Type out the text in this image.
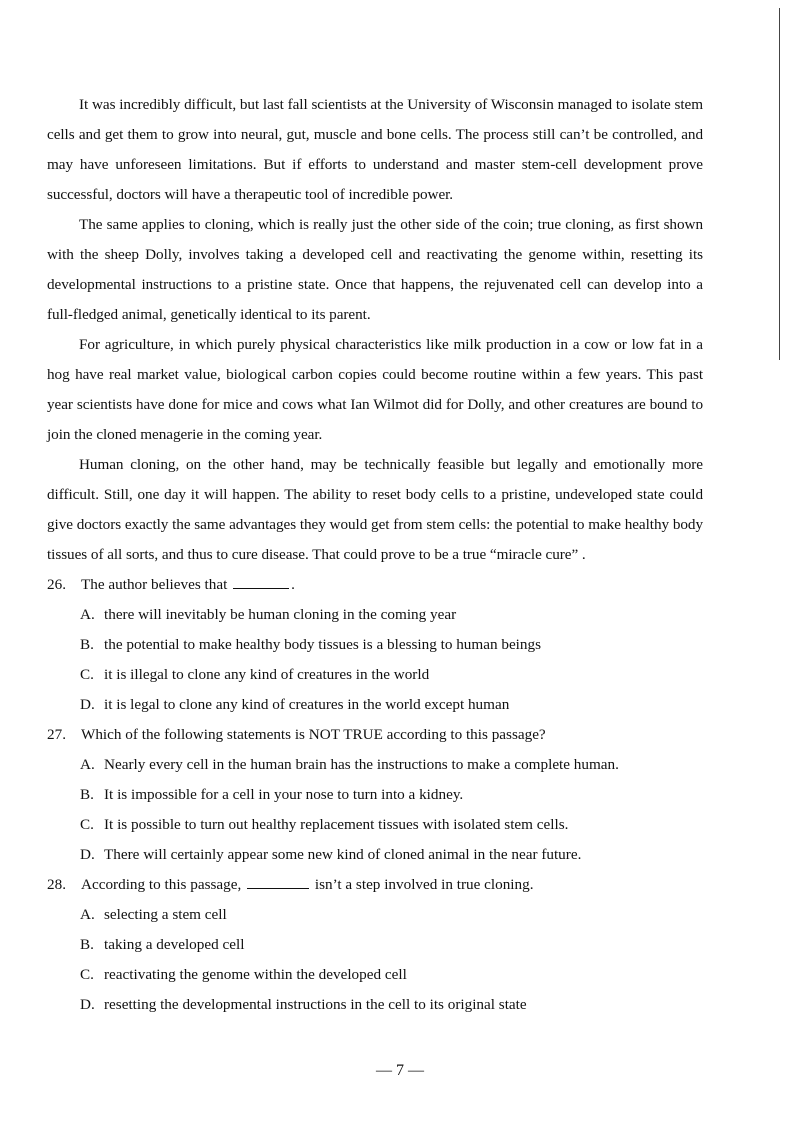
It was incredibly difficult, but last fall scientists at the University of Wisconsin managed to isolate stem cells and get them to grow into neural, gut, muscle and bone cells. The process still can’t be controlled, and may have unforeseen limitations. But if efforts to understand and master stem-cell development prove successful, doctors will have a therapeutic tool of incredible power.

The same applies to cloning, which is really just the other side of the coin; true cloning, as first shown with the sheep Dolly, involves taking a developed cell and reactivating the genome within, resetting its developmental instructions to a pristine state. Once that happens, the rejuvenated cell can develop into a full-fledged animal, genetically identical to its parent.

For agriculture, in which purely physical characteristics like milk production in a cow or low fat in a hog have real market value, biological carbon copies could become routine within a few years. This past year scientists have done for mice and cows what Ian Wilmot did for Dolly, and other creatures are bound to join the cloned menagerie in the coming year.

Human cloning, on the other hand, may be technically feasible but legally and emotionally more difficult. Still, one day it will happen. The ability to reset body cells to a pristine, undeveloped state could give doctors exactly the same advantages they would get from stem cells: the potential to make healthy body tissues of all sorts, and thus to cure disease. That could prove to be a true “miracle cure” .

26. The author believes that	.
A. there will inevitably be human cloning in the coming year
B. the potential to make healthy body tissues is a blessing to human beings
C. it is illegal to clone any kind of creatures in the world
D. it is legal to clone any kind of creatures in the world except human
27. Which of the following statements is NOT TRUE according to this passage?
A. Nearly every cell in the human brain has the instructions to make a complete human.
B. It is impossible for a cell in your nose to turn into a kidney.
C. It is possible to turn out healthy replacement tissues with isolated stem cells.
D. There will certainly appear some new kind of cloned animal in the near future.
28. According to this passage,	isn’t a step involved in true cloning.
A. selecting a stem cell
B. taking a developed cell
C. reactivating the genome within the developed cell
D. resetting the developmental instructions in the cell to its original state
— 7 —
